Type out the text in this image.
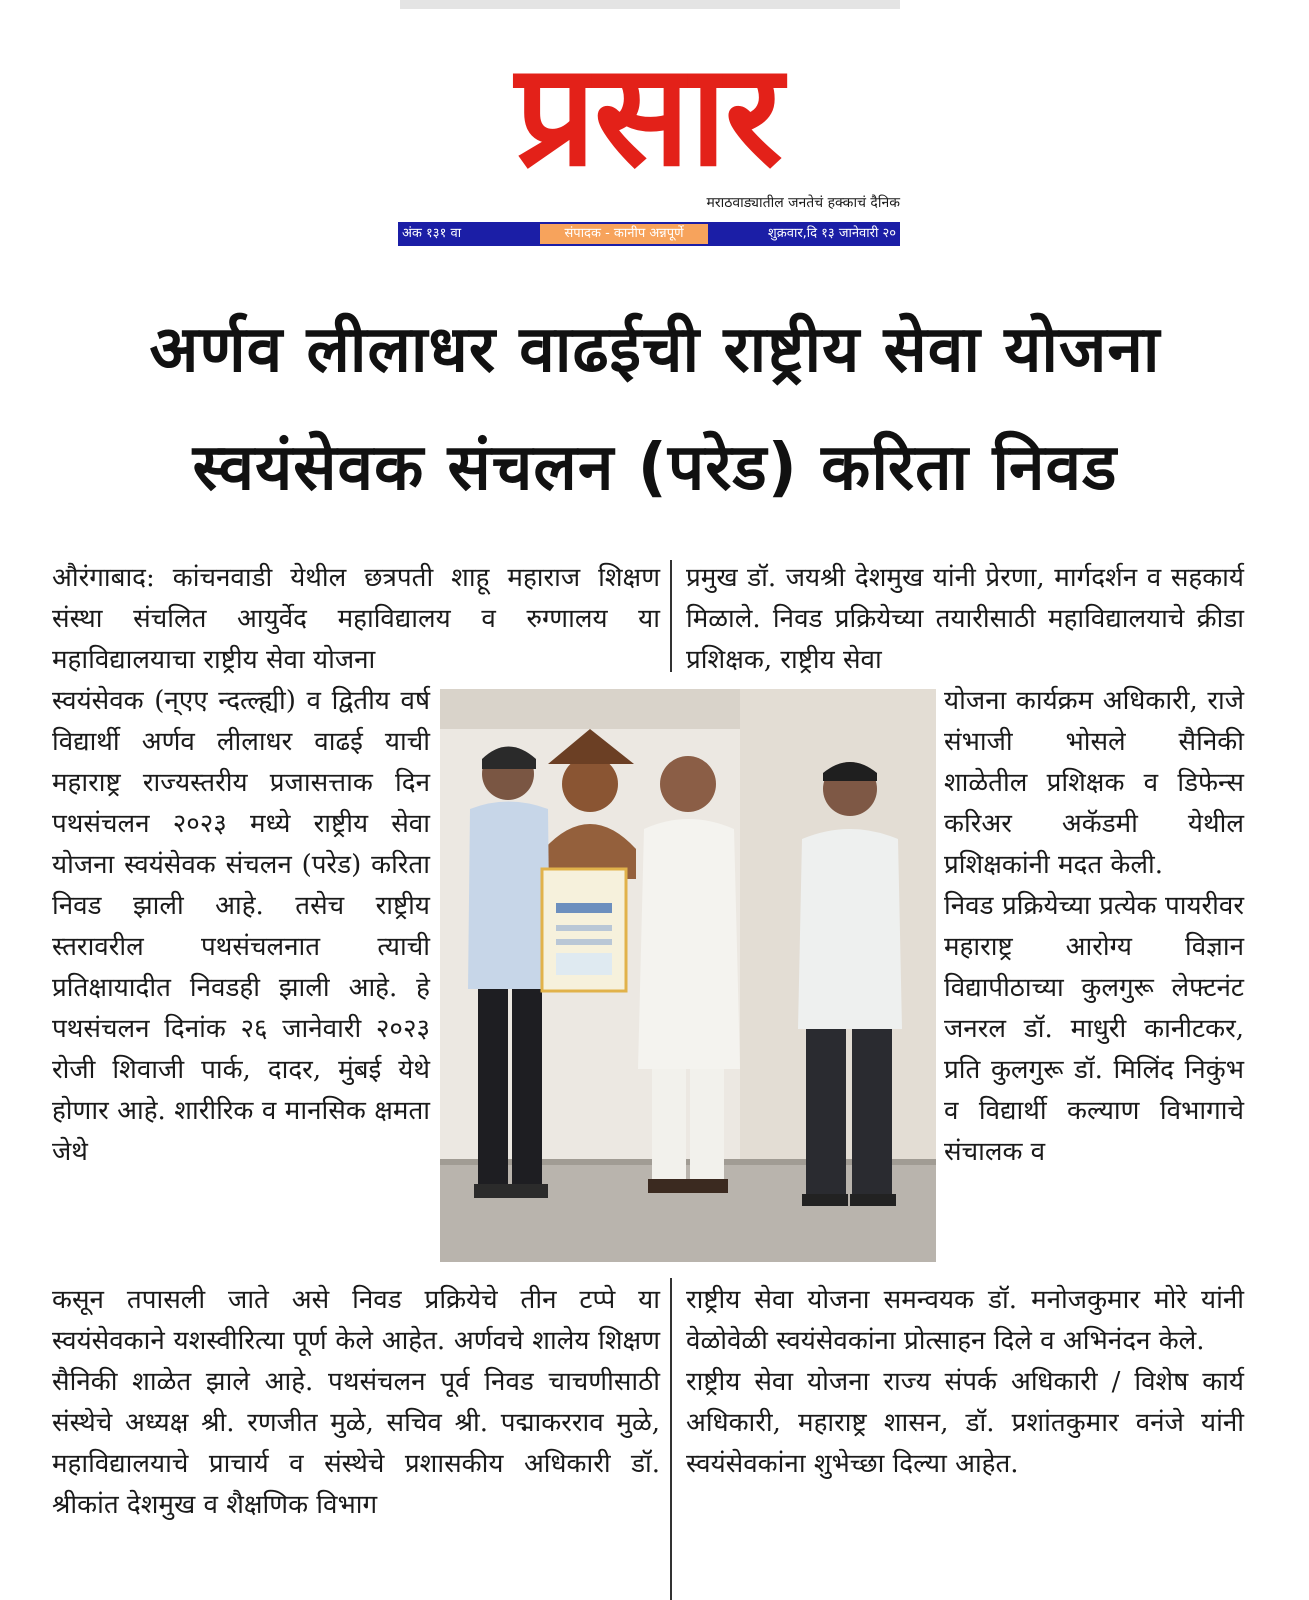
प्रसार
मराठवाड्यातील जनतेचं हक्काचं दैनिक
अंक १३१ वा	संपादक - कानीप अन्नपूर्णे	शुक्रवार,दि १३ जानेवारी २०
अर्णव लीलाधर वाढईची राष्ट्रीय सेवा योजना
स्वयंसेवक संचलन (परेड) करिता निवड

औरंगाबाद: कांचनवाडी येथील छत्रपती शाहू महाराज शिक्षण संस्था संचलित आयुर्वेद महाविद्यालय व रुग्णालय या महाविद्यालयाचा राष्ट्रीय सेवा योजना

स्वयंसेवक (न्एए न्दत्ल्ह्यी) व द्वितीय वर्ष विद्यार्थी अर्णव लीलाधर वाढई याची महाराष्ट्र राज्यस्तरीय प्रजासत्ताक दिन पथसंचलन २०२३ मध्ये राष्ट्रीय सेवा योजना स्वयंसेवक संचलन (परेड) करिता निवड झाली आहे. तसेच राष्ट्रीय स्तरावरील पथसंचलनात त्याची प्रतिक्षायादीत निवडही झाली आहे. हे पथसंचलन दिनांक २६ जानेवारी २०२३ रोजी शिवाजी पार्क, दादर, मुंबई येथे होणार आहे. शारीरिक व मानसिक क्षमता जेथे

कसून तपासली जाते असे निवड प्रक्रियेचे तीन टप्पे या स्वयंसेवकाने यशस्वीरित्या पूर्ण केले आहेत. अर्णवचे शालेय शिक्षण सैनिकी शाळेत झाले आहे. पथसंचलन पूर्व निवड चाचणीसाठी संस्थेचे अध्यक्ष श्री. रणजीत मुळे, सचिव श्री. पद्माकरराव मुळे, महाविद्यालयाचे प्राचार्य व संस्थेचे प्रशासकीय अधिकारी डॉ. श्रीकांत देशमुख व शैक्षणिक विभाग

प्रमुख डॉ. जयश्री देशमुख यांनी प्रेरणा, मार्गदर्शन व सहकार्य मिळाले. निवड प्रक्रियेच्या तयारीसाठी महाविद्यालयाचे क्रीडा प्रशिक्षक, राष्ट्रीय सेवा

योजना कार्यक्रम अधिकारी, राजे संभाजी भोसले सैनिकी शाळेतील प्रशिक्षक व डिफेन्स करिअर अकॅडमी येथील प्रशिक्षकांनी मदत केली.

निवड प्रक्रियेच्या प्रत्येक पायरीवर महाराष्ट्र आरोग्य विज्ञान विद्यापीठाच्या कुलगुरू लेफ्टनंट जनरल डॉ. माधुरी कानीटकर, प्रति कुलगुरू डॉ. मिलिंद निकुंभ व विद्यार्थी कल्याण विभागाचे संचालक व

राष्ट्रीय सेवा योजना समन्वयक डॉ. मनोजकुमार मोरे यांनी वेळोवेळी स्वयंसेवकांना प्रोत्साहन दिले व अभिनंदन केले.

राष्ट्रीय सेवा योजना राज्य संपर्क अधिकारी / विशेष कार्य अधिकारी, महाराष्ट्र शासन, डॉ. प्रशांतकुमार वनंजे यांनी स्वयंसेवकांना शुभेच्छा दिल्या आहेत.
